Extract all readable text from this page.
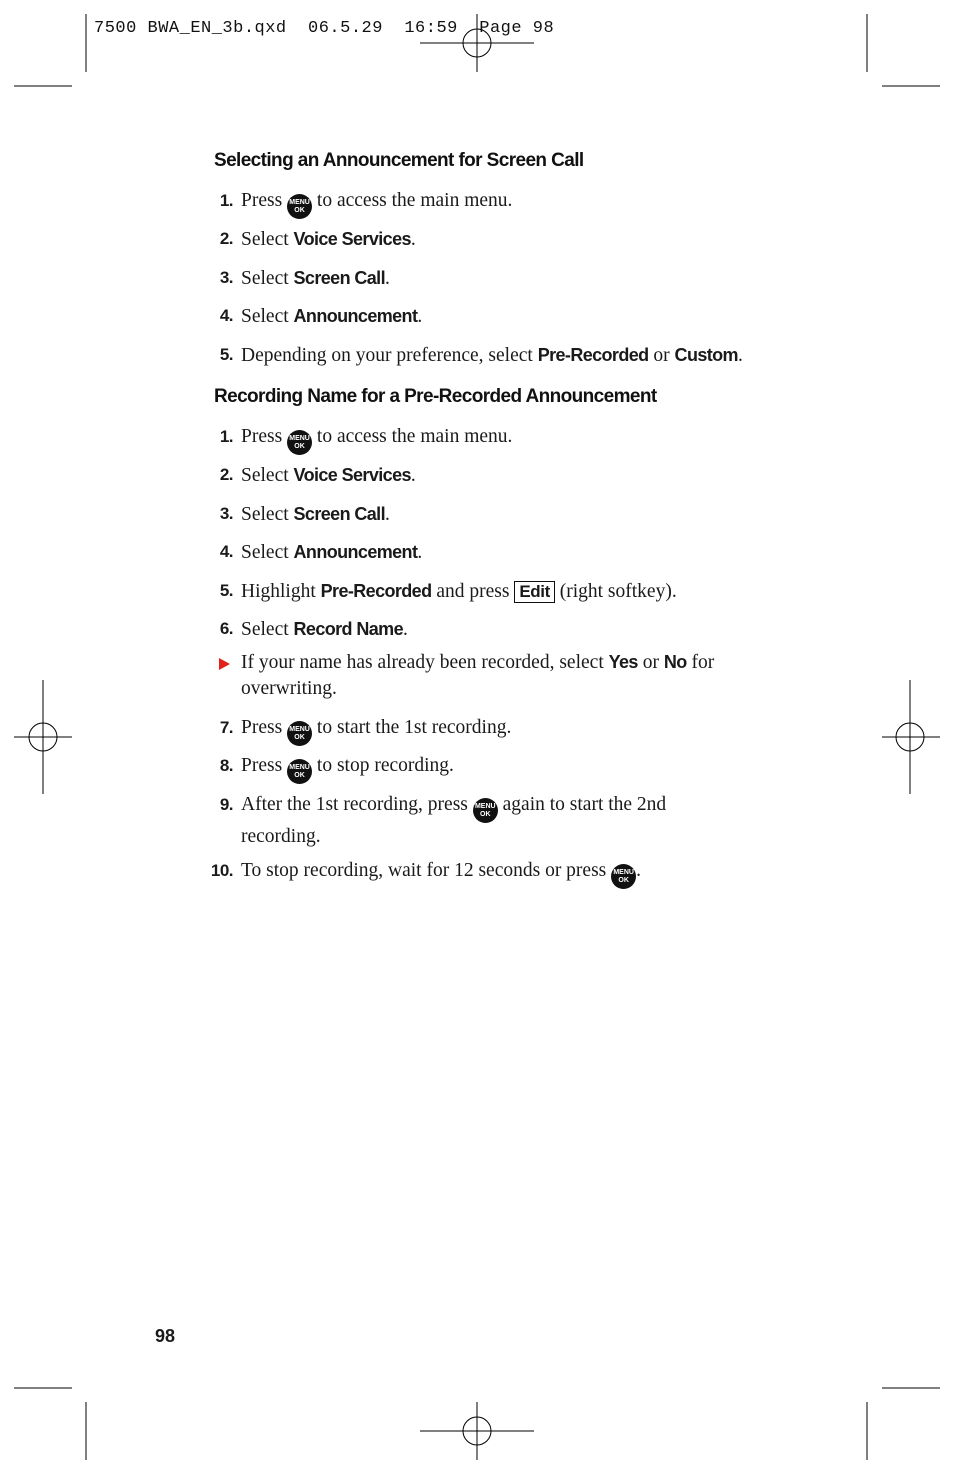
7500 BWA_EN_3b.qxd  06.5.29  16:59  Page 98
Selecting an Announcement for Screen Call
1. Press	MENU
OK to access the main menu.
2. Select Voice Services.
3. Select Screen Call.
4. Select Announcement.
5. Depending on your preference, select Pre-Recorded or Custom.
Recording Name for a Pre-Recorded Announcement
1. Press	MENU
OK to access the main menu.
2. Select Voice Services.
3. Select Screen Call.
4. Select Announcement.
5. Highlight Pre-Recorded and press Edit (right softkey).
6. Select Record Name.
If your name has already been recorded, select Yes or No for overwriting.
7. Press	MENU
OK to start the 1st recording.
8. Press	MENU
OK to stop recording.
9. After the 1st recording, press	MENU
OK again to start the 2nd recording.
10. To stop recording, wait for 12 seconds or press	MENU
OK .
98
